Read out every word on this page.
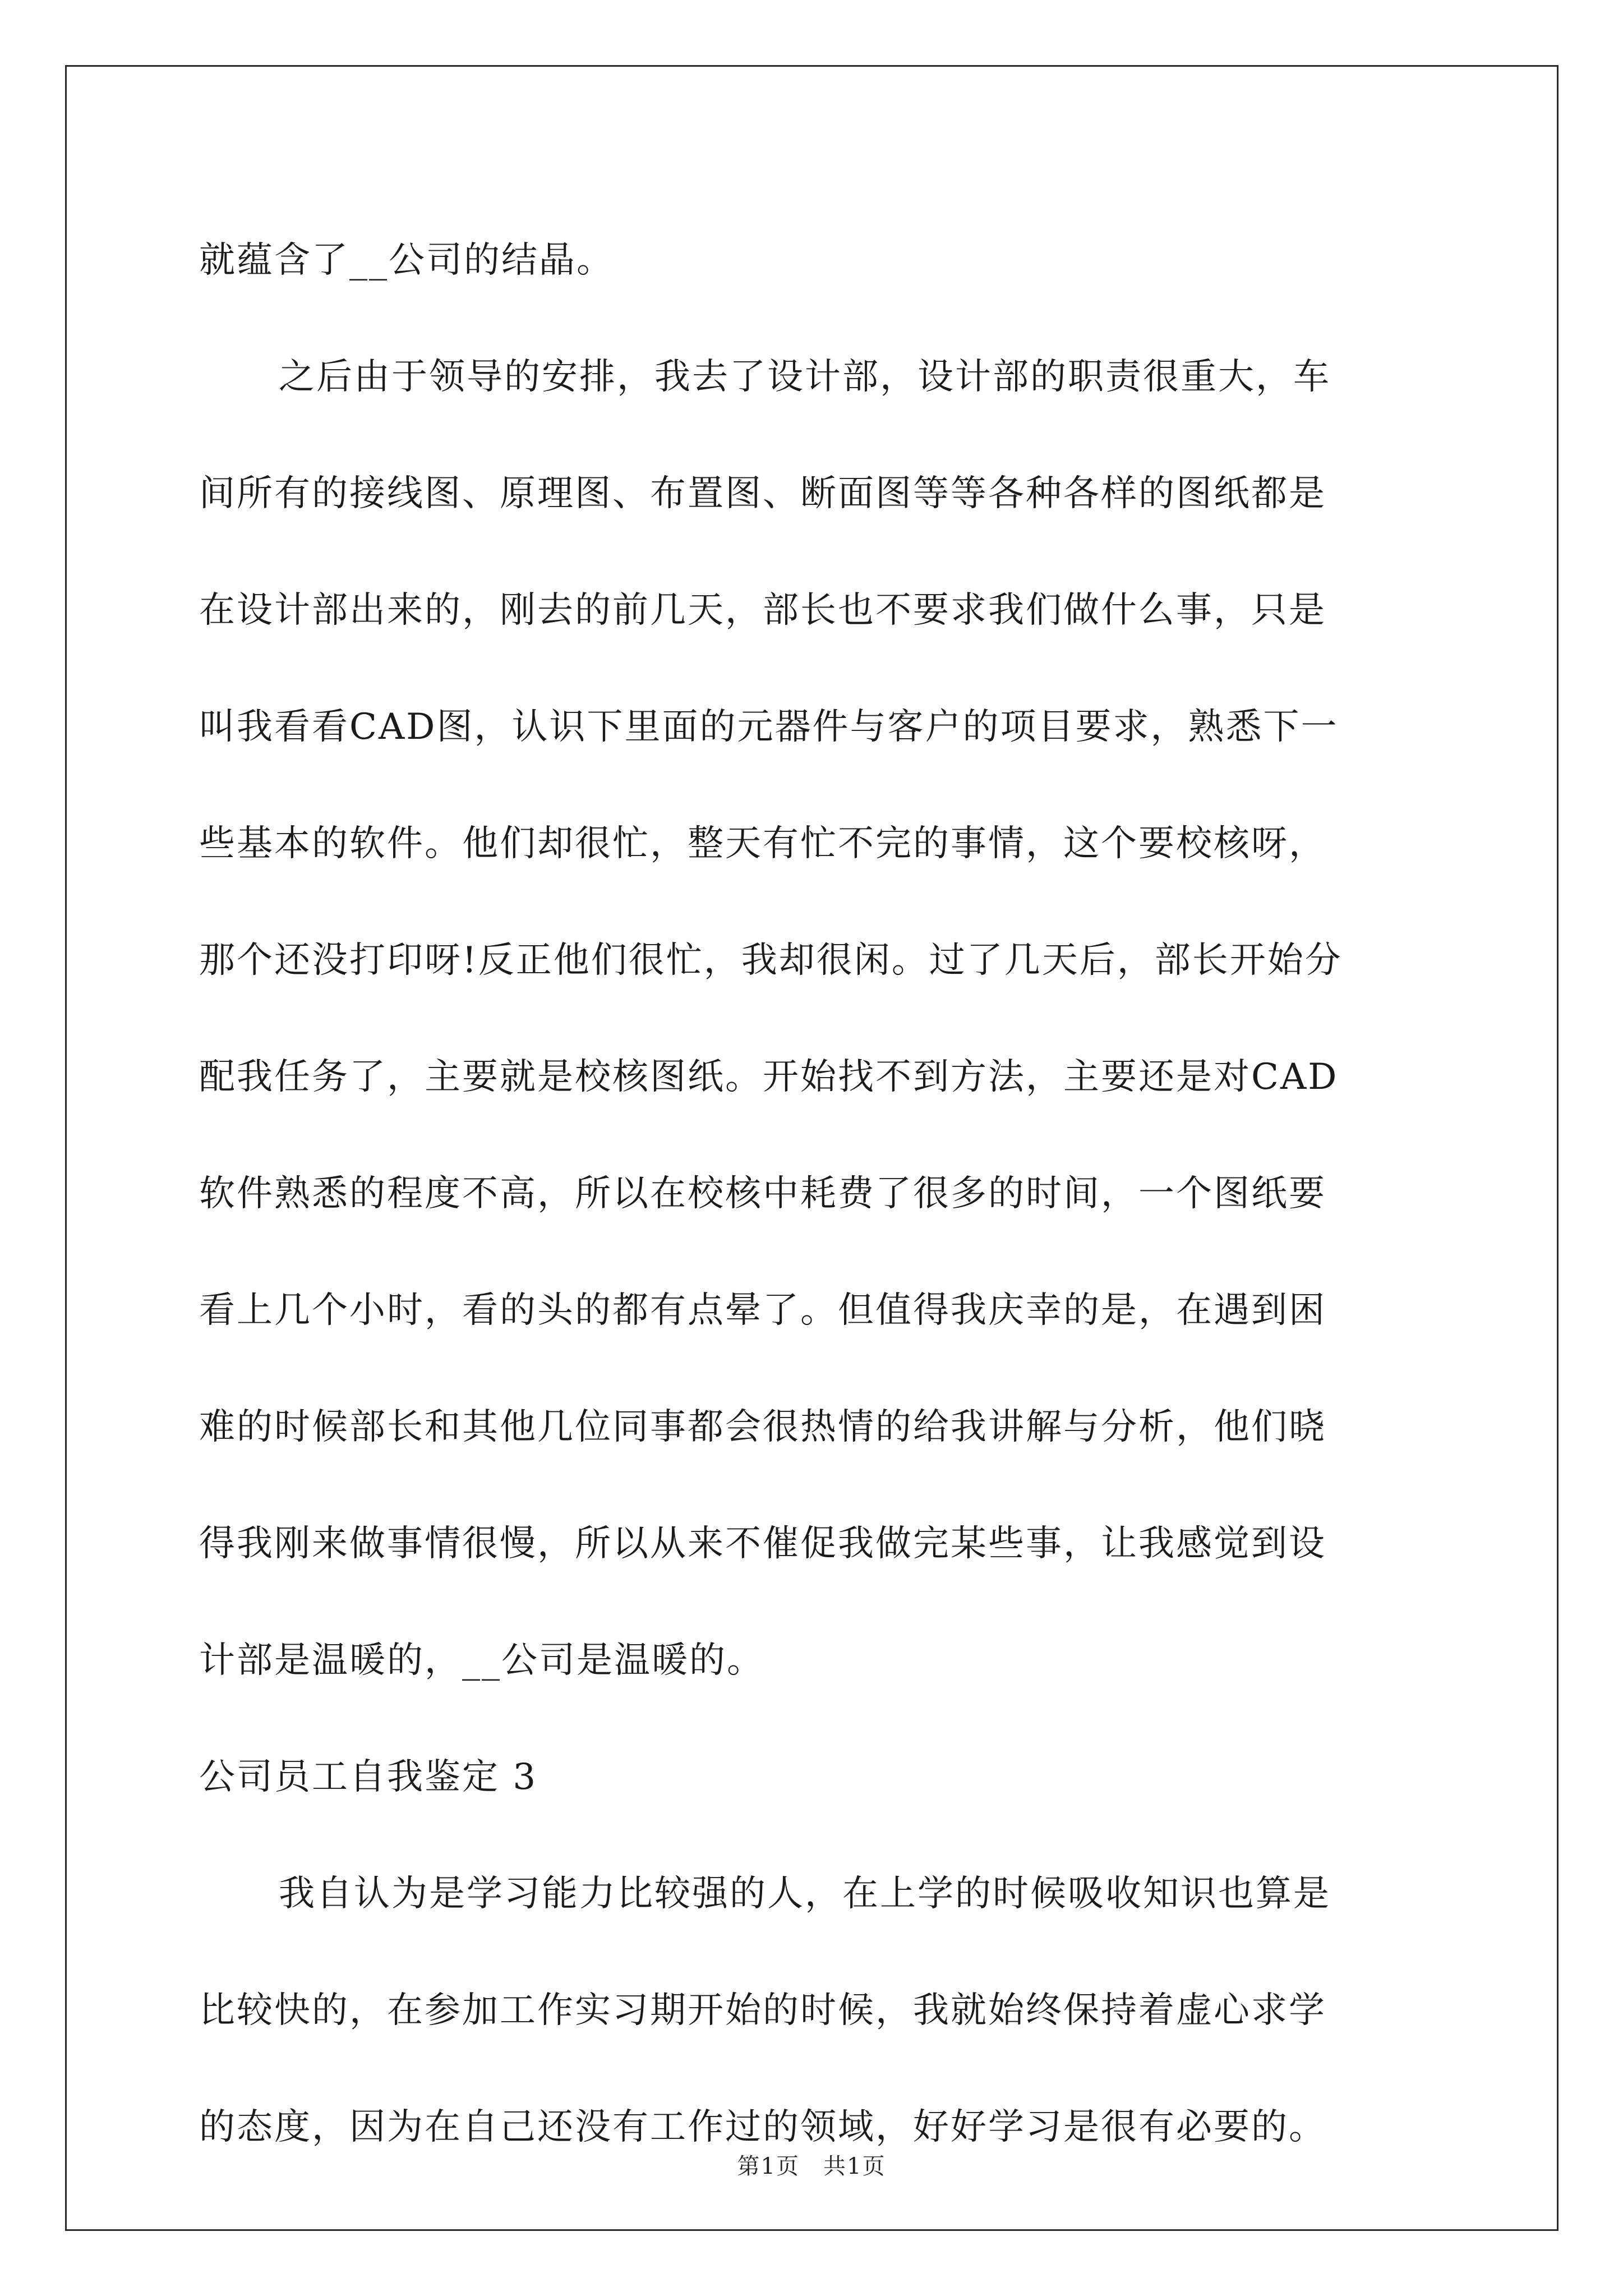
就蕴含了__公司的结晶。
之后由于领导的安排，我去了设计部，设计部的职责很重大，车
间所有的接线图、原理图、布置图、断面图等等各种各样的图纸都是
在设计部出来的，刚去的前几天，部长也不要求我们做什么事，只是
叫我看看CAD图，认识下里面的元器件与客户的项目要求，熟悉下一
些基本的软件。他们却很忙，整天有忙不完的事情，这个要校核呀，
那个还没打印呀!反正他们很忙，我却很闲。过了几天后，部长开始分
配我任务了，主要就是校核图纸。开始找不到方法，主要还是对CAD
软件熟悉的程度不高，所以在校核中耗费了很多的时间，一个图纸要
看上几个小时，看的头的都有点晕了。但值得我庆幸的是，在遇到困
难的时候部长和其他几位同事都会很热情的给我讲解与分析，他们晓
得我刚来做事情很慢，所以从来不催促我做完某些事，让我感觉到设
计部是温暖的，__公司是温暖的。
公司员工自我鉴定 3
我自认为是学习能力比较强的人，在上学的时候吸收知识也算是
比较快的，在参加工作实习期开始的时候，我就始终保持着虚心求学
的态度，因为在自己还没有工作过的领域，好好学习是很有必要的。
第1页　共1页
